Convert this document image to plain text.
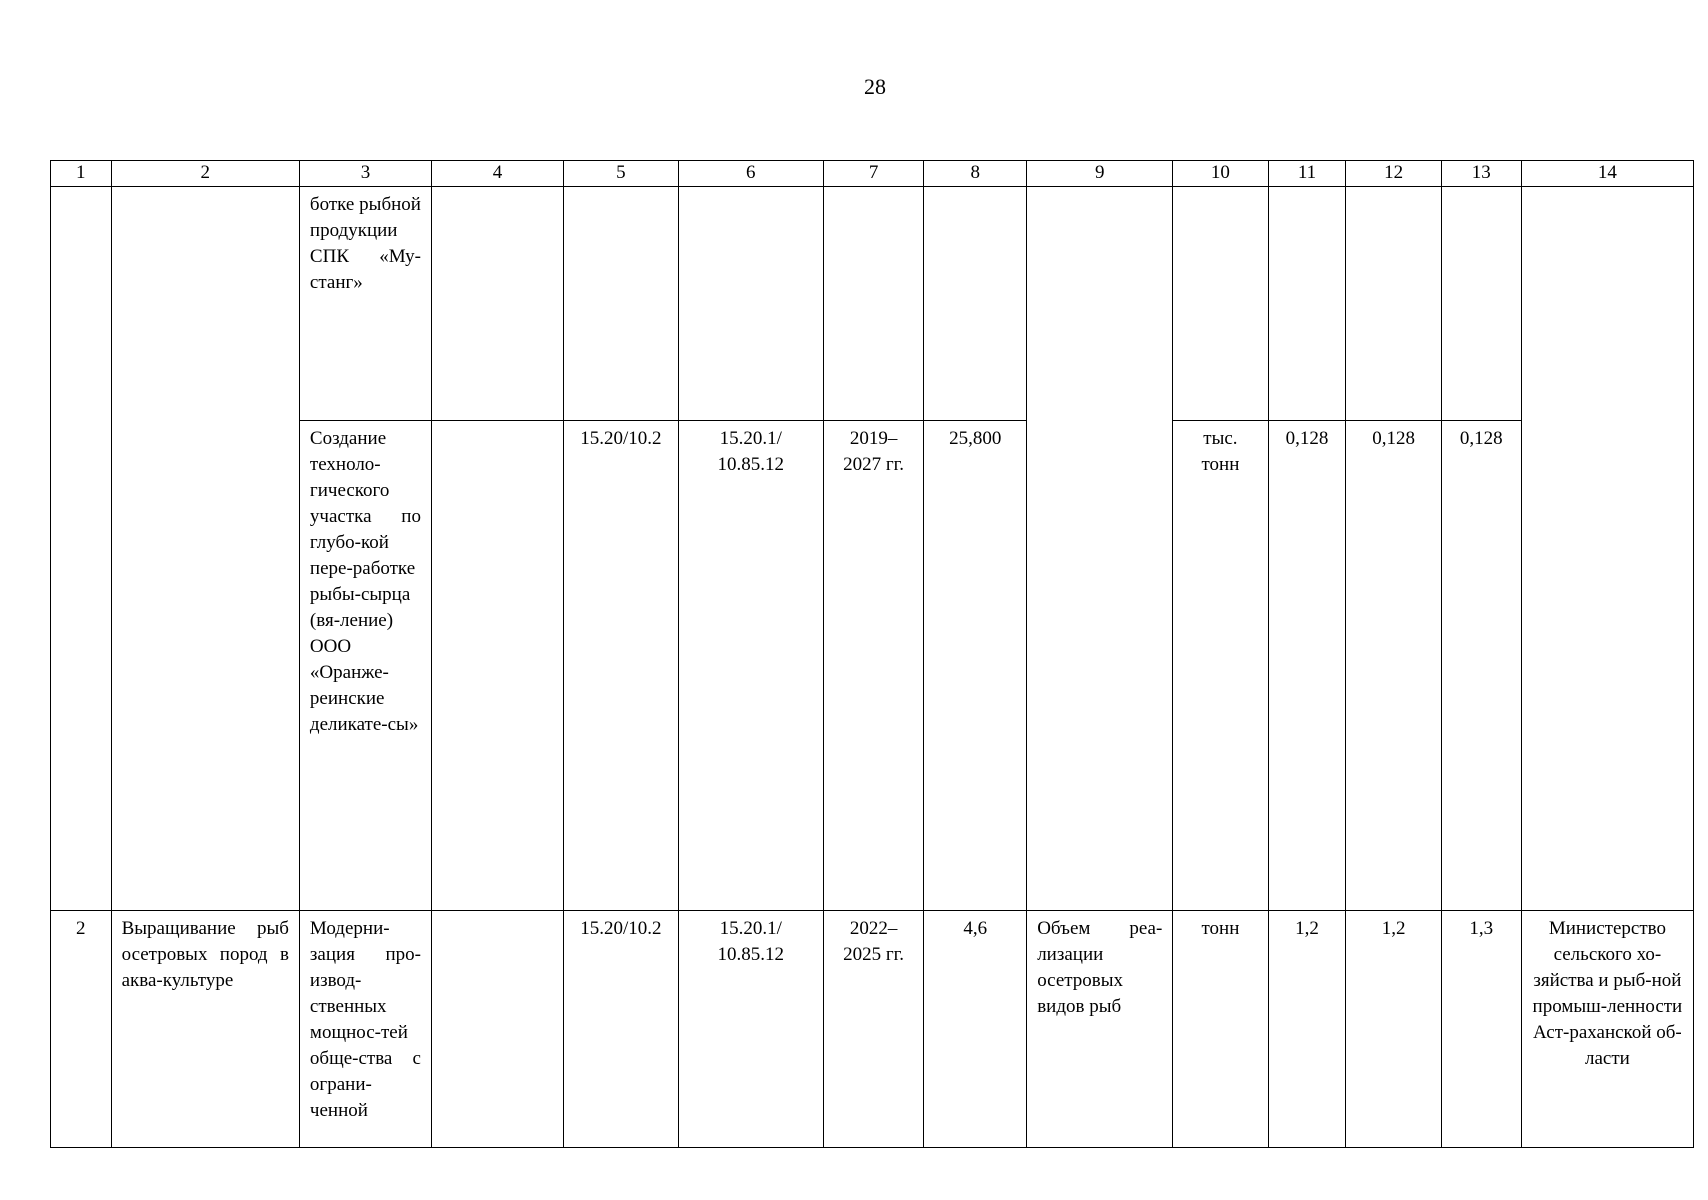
28
1	2	3	4	5	6	7	8	9	10	11	12	13	14

		ботке рыбной продукции СПК «Му-станг»											

		Создание техноло-гического участка по глубо-кой пере-работке рыбы-сырца (вя-ление) ООО «Оранже-реинские деликате-сы»		15.20/10.2	15.20.1/ 10.85.12	2019– 2027 гг.	25,800		тыс. тонн	0,128	0,128	0,128	

2	Выращивание рыб осетровых пород в аква-культуре	Модерни-зация про-извод-ственных мощнос-тей обще-ства с ограни-ченной		15.20/10.2	15.20.1/ 10.85.12	2022– 2025 гг.	4,6	Объем реа-лизации осетровых видов рыб	тонн	1,2	1,2	1,3	Министерство сельского хо-зяйства и рыб-ной промыш-ленности Аст-раханской об-ласти
